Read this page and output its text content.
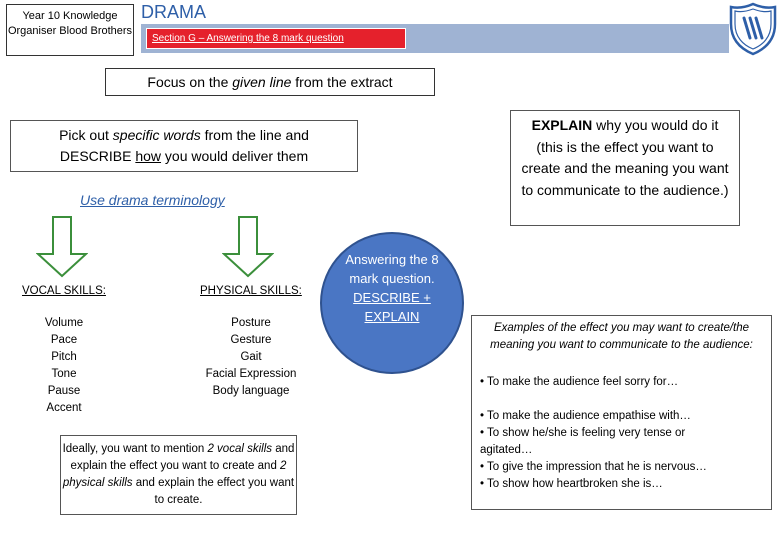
Year 10 Knowledge Organiser Blood Brothers
DRAMA
Section G – Answering the 8 mark question
Focus on the given line from the extract
Pick out specific words from the line and
DESCRIBE how you would deliver them
EXPLAIN why you would do it (this is the effect you want to create and the meaning you want to communicate to the audience.)
Use drama terminology
VOCAL SKILLS:
Volume
Pace
Pitch
Tone
Pause
Accent
PHYSICAL SKILLS:
Posture
Gesture
Gait
Facial Expression
Body language
Answering the 8 mark question.
DESCRIBE + EXPLAIN
Ideally, you want to mention 2 vocal skills and explain the effect you want to create and 2 physical skills and explain the effect you want to create.
Examples of the effect you may want to create/the meaning you want to communicate to the audience:
• To make the audience feel sorry for…
• To make the audience empathise with…
• To show he/she is feeling very tense or agitated…
• To give the impression that he is nervous…
• To show how heartbroken she is…
